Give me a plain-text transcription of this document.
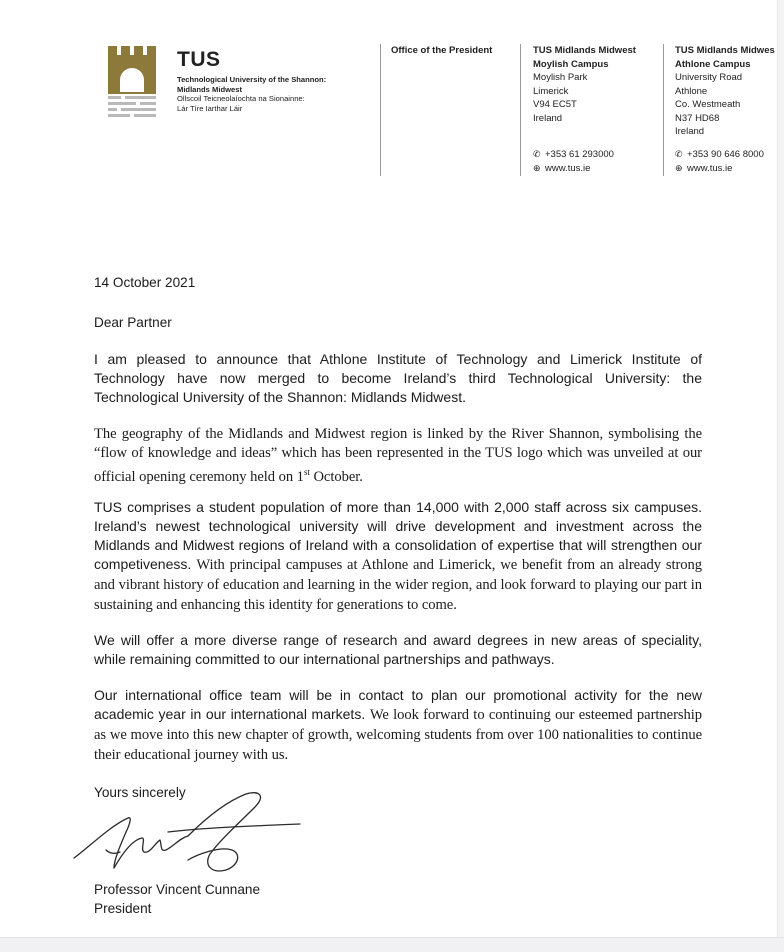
TUS
Technological University of the Shannon:
Midlands Midwest
Ollscoil Teicneolaíochta na Sionainne:
Lár Tíre Iarthar Láir
Office of the President	TUS Midlands Midwest
Moylish Campus
Moylish Park
Limerick
V94 EC5T
Ireland
✆ +353 61 293000
⊕ www.tus.ie
TUS Midlands Midwes
Athlone Campus
University Road
Athlone
Co. Westmeath
N37 HD68
Ireland
✆ +353 90 646 8000
⊕ www.tus.ie
14 October 2021
Dear Partner
I am pleased to announce that Athlone Institute of Technology and Limerick Institute of Technology have now merged to become Ireland’s third Technological University: the Technological University of the Shannon: Midlands Midwest.
The geography of the Midlands and Midwest region is linked by the River Shannon, symbolising the “flow of knowledge and ideas” which has been represented in the TUS logo which was unveiled at our official opening ceremony held on 1st October.
TUS comprises a student population of more than 14,000 with 2,000 staff across six campuses. Ireland’s newest technological university will drive development and investment across the Midlands and Midwest regions of Ireland with a consolidation of expertise that will strengthen our competiveness. With principal campuses at Athlone and Limerick, we benefit from an already strong and vibrant history of education and learning in the wider region, and look forward to playing our part in sustaining and enhancing this identity for generations to come.
We will offer a more diverse range of research and award degrees in new areas of speciality, while remaining committed to our international partnerships and pathways.
Our international office team will be in contact to plan our promotional activity for the new academic year in our international markets. We look forward to continuing our esteemed partnership as we move into this new chapter of growth, welcoming students from over 100 nationalities to continue their educational journey with us.
Yours sincerely
Professor Vincent Cunnane
President
